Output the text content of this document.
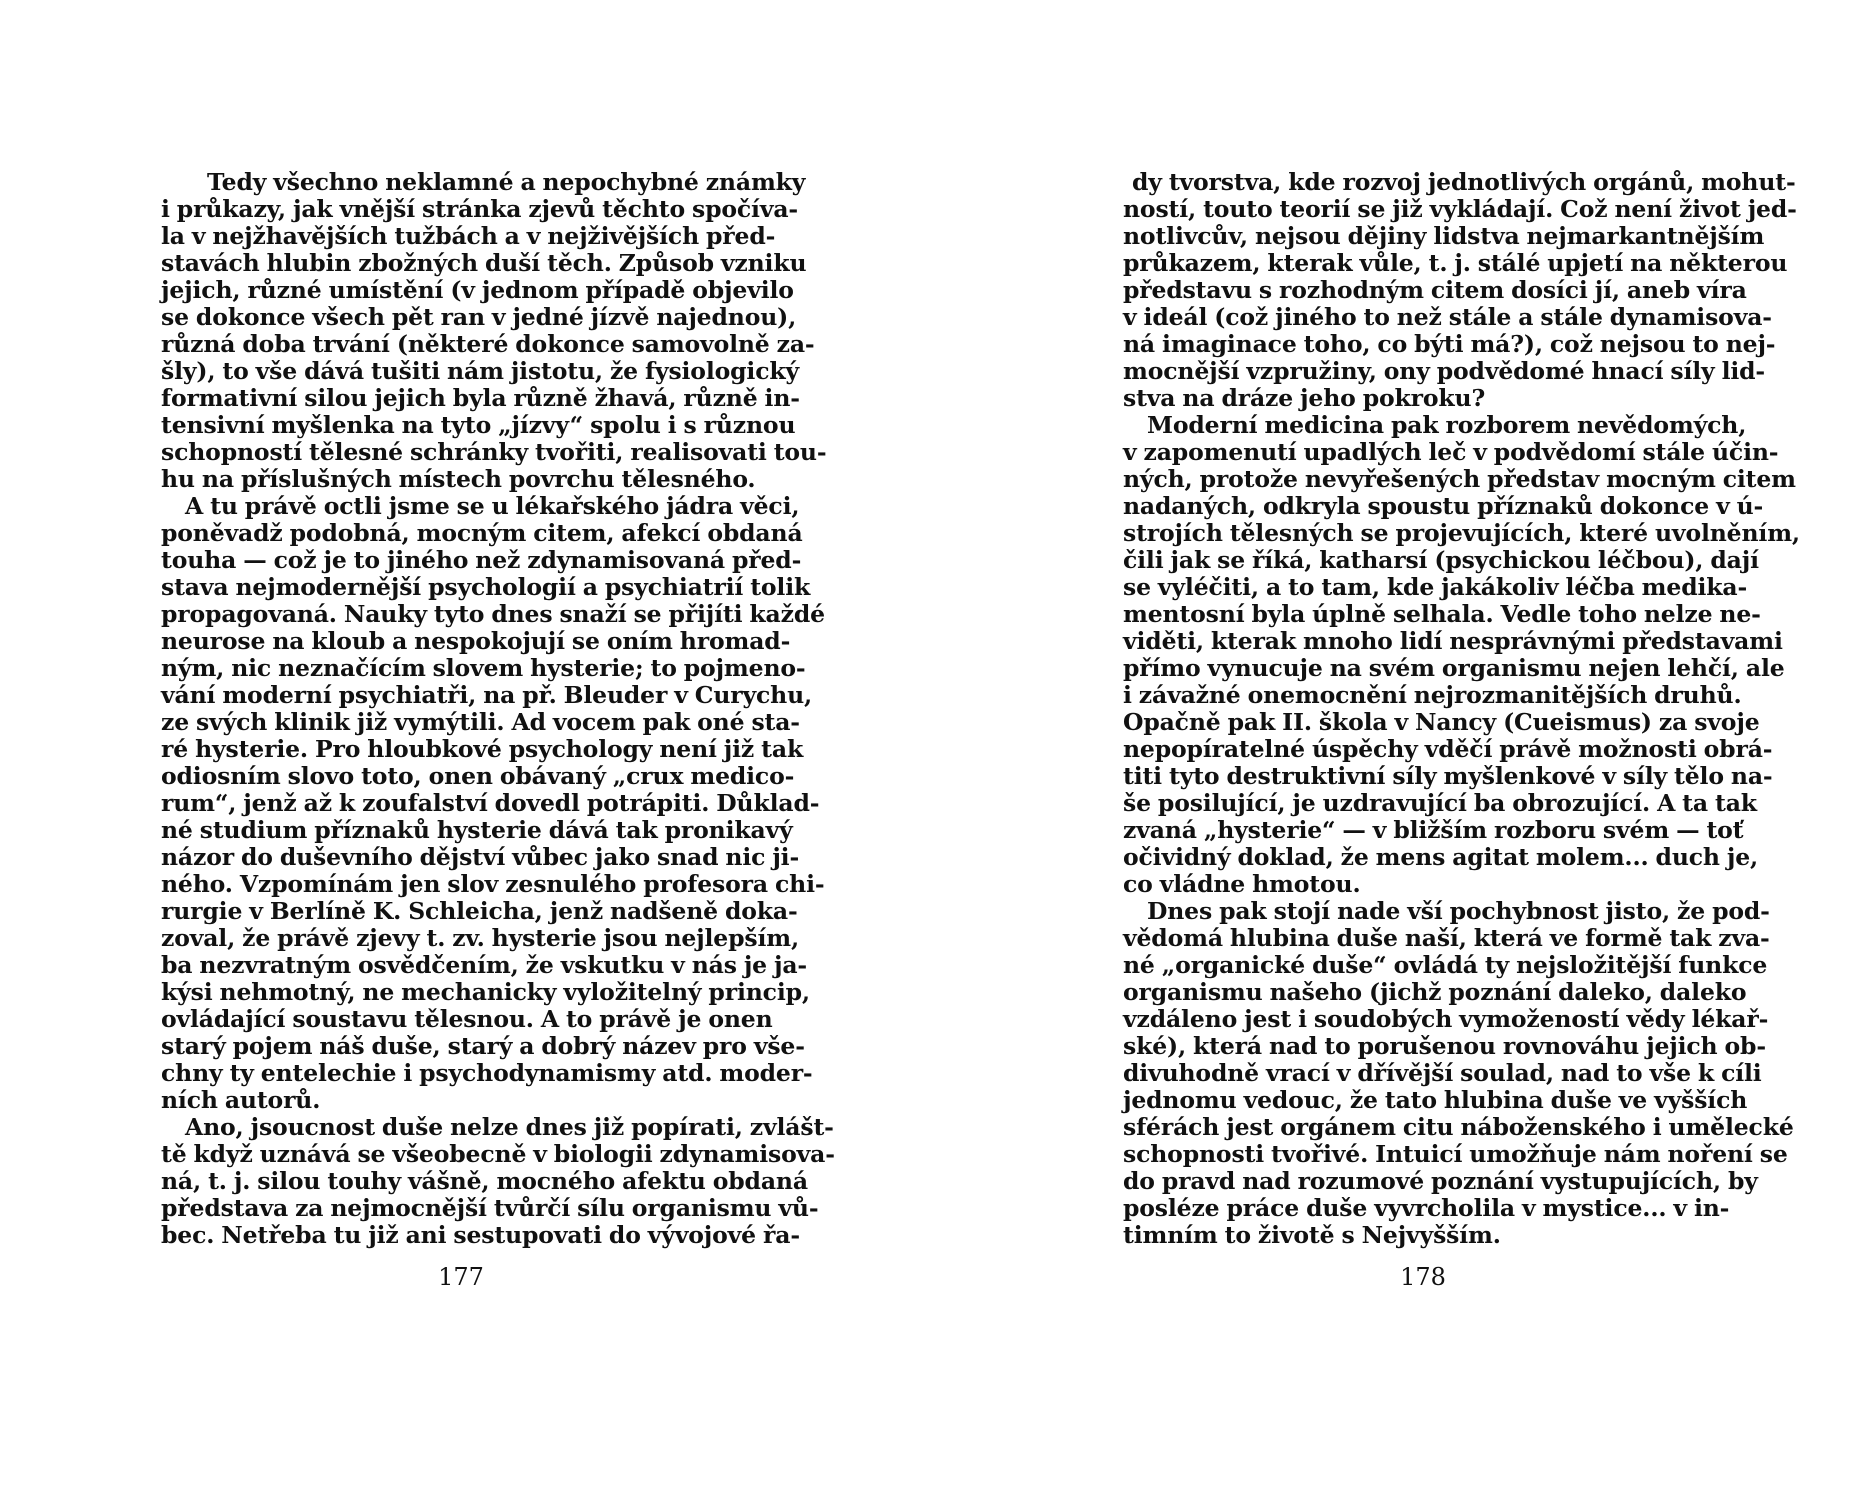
Tedy všechno neklamné a nepochybné známky
i průkazy, jak vnější stránka zjevů těchto spočíva-
la v nejžhavějších tužbách a v nejživějších před-
stavách hlubin zbožných duší těch. Způsob vzniku
jejich, různé umístění (v jednom případě objevilo
se dokonce všech pět ran v jedné jízvě najednou),
různá doba trvání (některé dokonce samovolně za-
šly), to vše dává tušiti nám jistotu, že fysiologický
formativní silou jejich byla různě žhavá, různě in-
tensivní myšlenka na tyto „jízvy“ spolu i s různou
schopností tělesné schránky tvořiti, realisovati tou-
hu na příslušných místech povrchu tělesného.
A tu právě octli jsme se u lékařského jádra věci,
poněvadž podobná, mocným citem, afekcí obdaná
touha — což je to jiného než zdynamisovaná před-
stava nejmodernější psychologií a psychiatrií tolik
propagovaná. Nauky tyto dnes snaží se přijíti každé
neurose na kloub a nespokojují se oním hromad-
ným, nic neznačícím slovem hysterie; to pojmeno-
vání moderní psychiatři, na př. Bleuder v Curychu,
ze svých klinik již vymýtili. Ad vocem pak oné sta-
ré hysterie. Pro hloubkové psychology není již tak
odiosním slovo toto, onen obávaný „crux medico-
rum“, jenž až k zoufalství dovedl potrápiti. Důklad-
né studium příznaků hysterie dává tak pronikavý
názor do duševního dějství vůbec jako snad nic ji-
ného. Vzpomínám jen slov zesnulého profesora chi-
rurgie v Berlíně K. Schleicha, jenž nadšeně doka-
zoval, že právě zjevy t. zv. hysterie jsou nejlepším,
ba nezvratným osvědčením, že vskutku v nás je ja-
kýsi nehmotný, ne mechanicky vyložitelný princip,
ovládající soustavu tělesnou. A to právě je onen
starý pojem náš duše, starý a dobrý název pro vše-
chny ty entelechie i psychodynamismy atd. moder-
ních autorů.
Ano, jsoucnost duše nelze dnes již popírati, zvlášt-
tě když uznává se všeobecně v biologii zdynamisova-
ná, t. j. silou touhy vášně, mocného afektu obdaná
představa za nejmocnější tvůrčí sílu organismu vů-
bec. Netřeba tu již ani sestupovati do vývojové řa-
177
dy tvorstva, kde rozvoj jednotlivých orgánů, mohut-
ností, touto teorií se již vykládají. Což není život jed-
notlivcův, nejsou dějiny lidstva nejmarkantnějším
průkazem, kterak vůle, t. j. stálé upjetí na některou
představu s rozhodným citem dosíci jí, aneb víra
v ideál (což jiného to než stále a stále dynamisova-
ná imaginace toho, co býti má?), což nejsou to nej-
mocnější vzpružiny, ony podvědomé hnací síly lid-
stva na dráze jeho pokroku?
Moderní medicina pak rozborem nevědomých,
v zapomenutí upadlých leč v podvědomí stále účin-
ných, protože nevyřešených představ mocným citem
nadaných, odkryla spoustu příznaků dokonce v ú-
strojích tělesných se projevujících, které uvolněním,
čili jak se říká, katharsí (psychickou léčbou), dají
se vyléčiti, a to tam, kde jakákoliv léčba medika-
mentosní byla úplně selhala. Vedle toho nelze ne-
viděti, kterak mnoho lidí nesprávnými představami
přímo vynucuje na svém organismu nejen lehčí, ale
i závažné onemocnění nejrozmanitějších druhů.
Opačně pak II. škola v Nancy (Cueismus) za svoje
nepopíratelné úspěchy vděčí právě možnosti obrá-
titi tyto destruktivní síly myšlenkové v síly tělo na-
še posilující, je uzdravující ba obrozující. A ta tak
zvaná „hysterie“ — v bližším rozboru svém — toť
očividný doklad, že mens agitat molem... duch je,
co vládne hmotou.
Dnes pak stojí nade vší pochybnost jisto, že pod-
vědomá hlubina duše naší, která ve formě tak zva-
né „organické duše“ ovládá ty nejsložitější funkce
organismu našeho (jichž poznání daleko, daleko
vzdáleno jest i soudobých vymožeností vědy lékař-
ské), která nad to porušenou rovnováhu jejich ob-
divuhodně vrací v dřívější soulad, nad to vše k cíli
jednomu vedouc, že tato hlubina duše ve vyšších
sférách jest orgánem citu náboženského i umělecké
schopnosti tvořivé. Intuicí umožňuje nám noření se
do pravd nad rozumové poznání vystupujících, by
posléze práce duše vyvrcholila v mystice... v in-
timním to životě s Nejvyšším.
178
